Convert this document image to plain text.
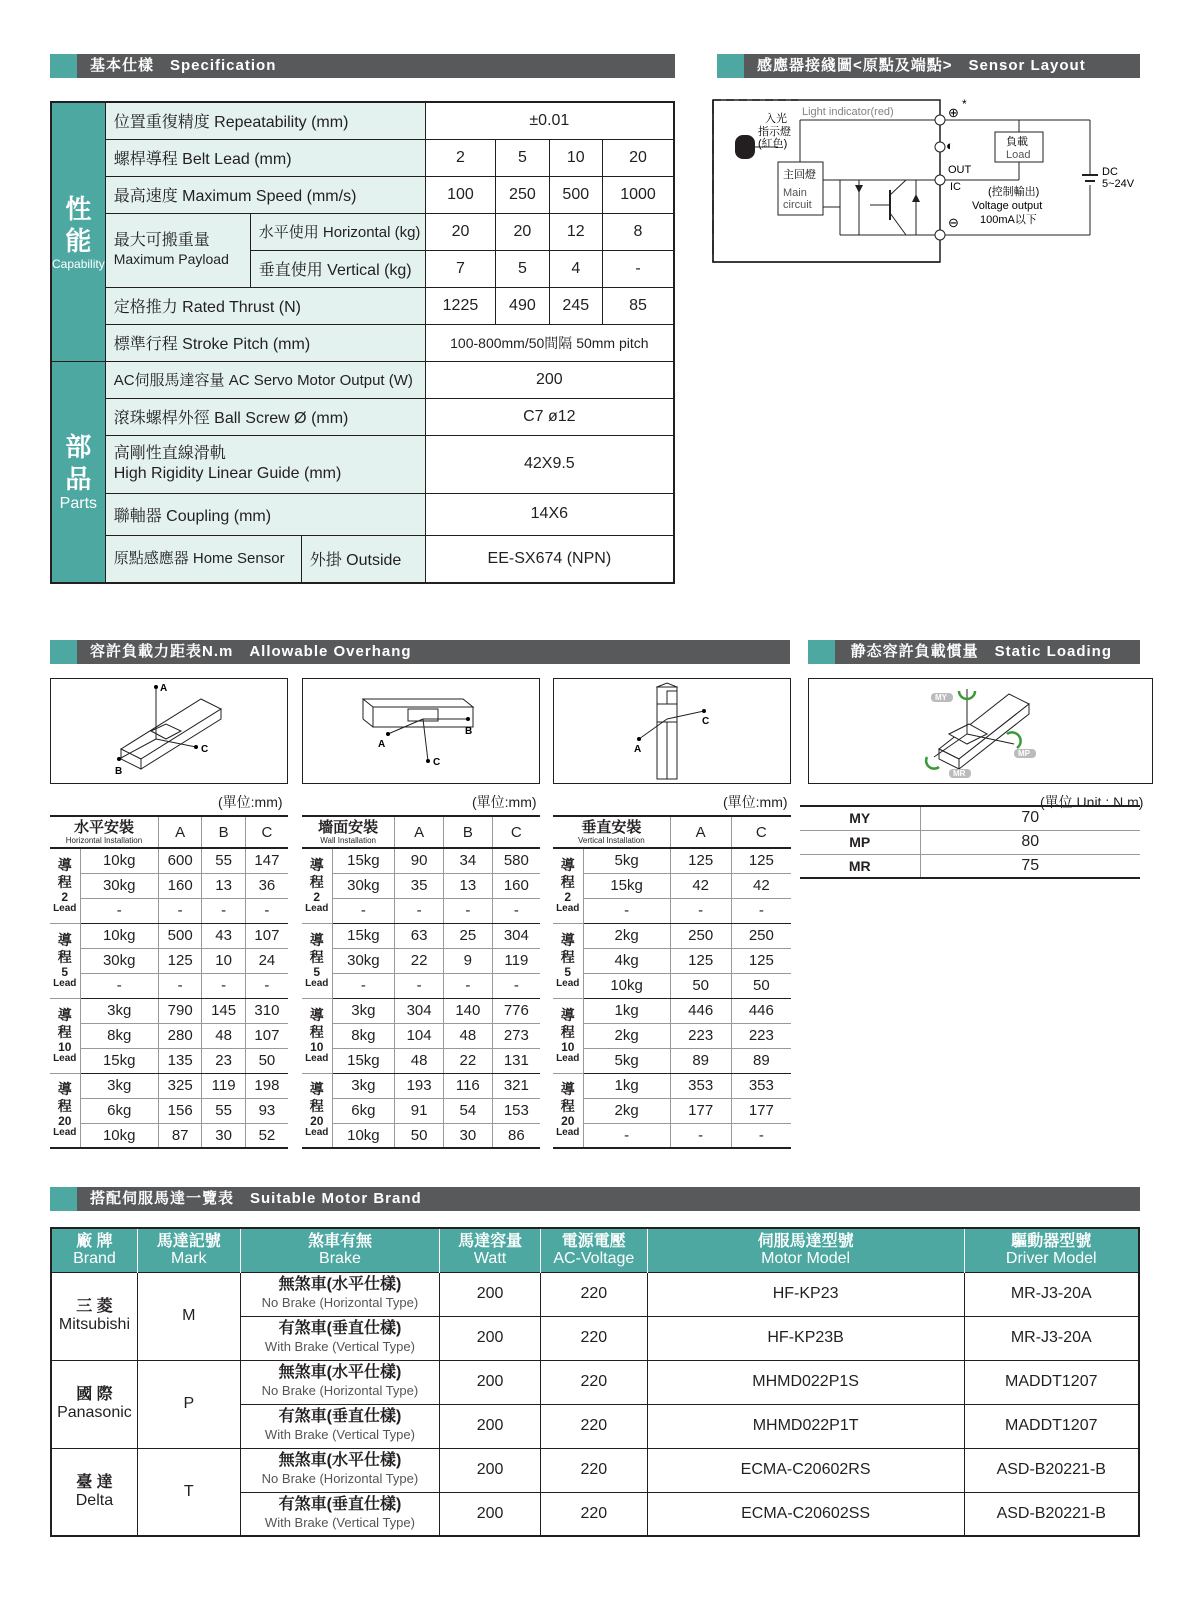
基本仕樣　Specification
性
能
Capability	位置重復精度 Repeatability (mm)		±0.01			
	螺桿導程 Belt Lead (mm)		2	5	10	20
	最高速度 Maximum Speed (mm/s)		100	250	500	1000

	最大可搬重量
Maximum Payload	水平使用 Horizontal (kg)	20	20	12	8
		垂直使用 Vertical (kg)	7	5	4	-
	定格推力 Rated Thrust (N)		1225	490	245	85
	標準行程 Stroke Pitch (mm)		100-800mm/50間隔 50mm pitch			

部
品
Parts	AC伺服馬達容量 AC Servo Motor Output (W)		200			
	滾珠螺桿外徑 Ball Screw Ø (mm)		C7 ø12			

	高剛性直線滑軌
High Rigidity Linear Guide (mm)		42X9.5			
	聯軸器 Coupling (mm)		14X6			

	原點感應器 Home Sensor 外掛 Outside		EE-SX674 (NPN)			
感應器接綫圖<原點及端點>　Sensor Layout
入光
指示燈
(紅色)
Light indicator(red)
主回燈
Main
circuit
⊕
*
◐
⊖
OUT
IC (控制輸出)
Voltage output
100mA以下
負載
Load
DC
5~24V
容許負載力距表N.m　Allowable Overhang	静态容許負載慣量　Static Loading
A
C
B
B
A
C
C
A
MY
MP
MR
(單位:mm)	(單位:mm)	(單位:mm)	(單位 Unit : N.m)
水平安裝
Horizontal Installation		A	B	C
導
程
2
Lead	10kg	600	55	147
	30kg	160	13	36
	-	-	-	-
導
程
5
Lead	10kg	500	43	107
	30kg	125	10	24
	-	-	-	-
導
程
10
Lead	3kg	790	145	310
	8kg	280	48	107
	15kg	135	23	50
導
程
20
Lead	3kg	325	119	198
	6kg	156	55	93
	10kg	87	30	52
墻面安裝
Wall Installation		A	B	C
導
程
2
Lead	15kg	90	34	580
	30kg	35	13	160
	-	-	-	-
導
程
5
Lead	15kg	63	25	304
	30kg	22	9	119
	-	-	-	-
導
程
10
Lead	3kg	304	140	776
	8kg	104	48	273
	15kg	48	22	131
導
程
20
Lead	3kg	193	116	321
	6kg	91	54	153
	10kg	50	30	86
垂直安裝
Vertical Installation		A	C
導
程
2
Lead	5kg	125	125
	15kg	42	42
	-	-	-
導
程
5
Lead	2kg	250	250
	4kg	125	125
	10kg	50	50
導
程
10
Lead	1kg	446	446
	2kg	223	223
	5kg	89	89
導
程
20
Lead	1kg	353	353
	2kg	177	177
	-	-	-
MY	70
MP	80
MR	75
搭配伺服馬達一覽表　Suitable Motor Brand
廠 牌
Brand	馬達記號
Mark	煞車有無
Brake	馬達容量
Watt	電源電壓
AC-Voltage	伺服馬達型號
Motor Model	驅動器型號
Driver Model

三 菱
Mitsubishi	M	無煞車(水平仕樣)
No Brake (Horizontal Type)	200	220	HF-KP23	MR-J3-20A

		有煞車(垂直仕樣)
With Brake (Vertical Type)	200	220	HF-KP23B	MR-J3-20A

國 際
Panasonic	P	無煞車(水平仕樣)
No Brake (Horizontal Type)	200	220	MHMD022P1S	MADDT1207

		有煞車(垂直仕樣)
With Brake (Vertical Type)	200	220	MHMD022P1T	MADDT1207

臺 達
Delta	T	無煞車(水平仕樣)
No Brake (Horizontal Type)	200	220	ECMA-C20602RS	ASD-B20221-B

		有煞車(垂直仕樣)
With Brake (Vertical Type)	200	220	ECMA-C20602SS	ASD-B20221-B
